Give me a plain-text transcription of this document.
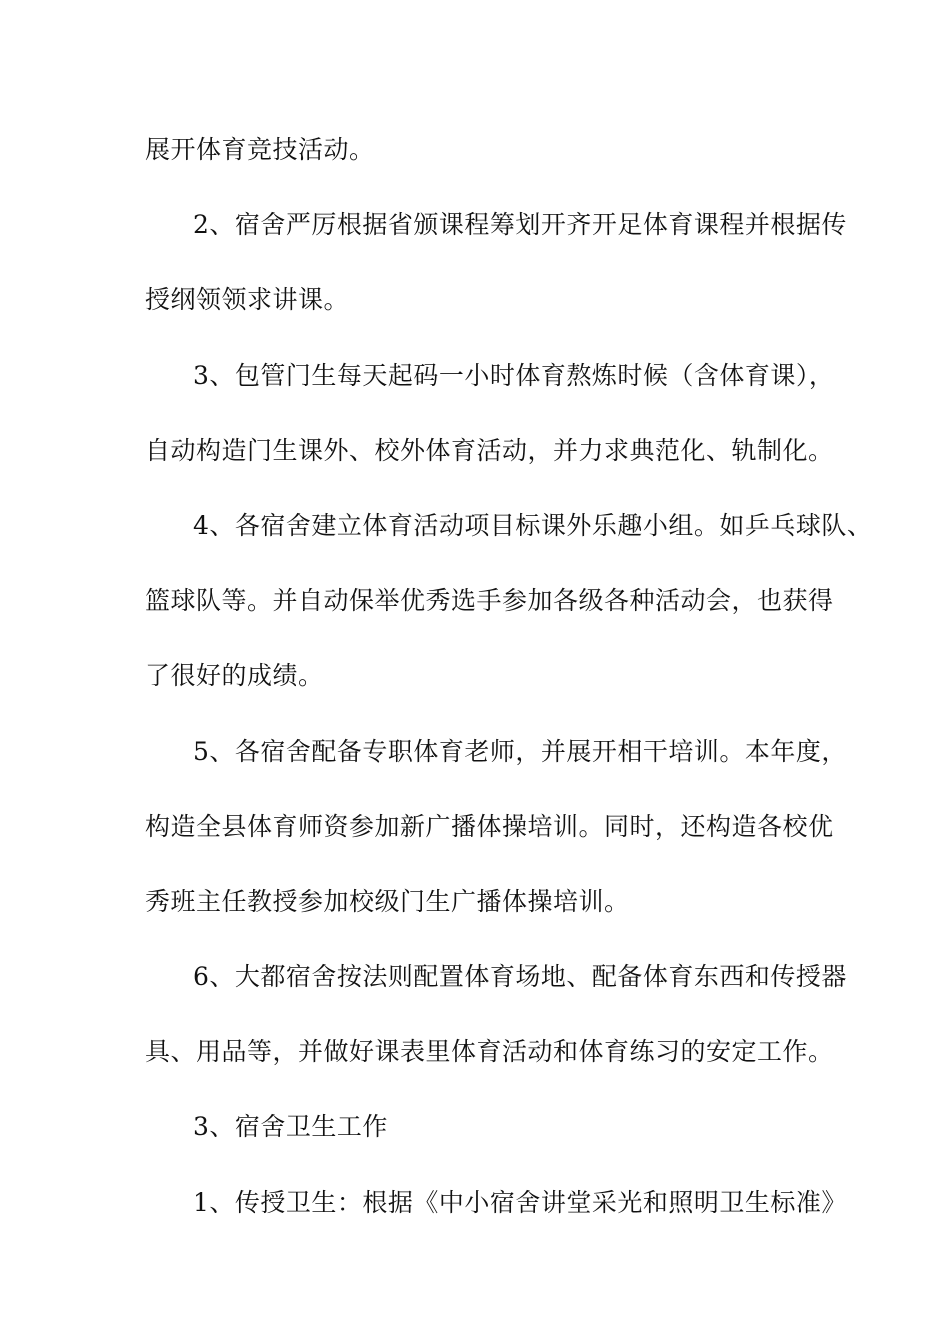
展开体育竞技活动。
2、宿舍严厉根据省颁课程筹划开齐开足体育课程并根据传
授纲领领求讲课。
3、包管门生每天起码一小时体育熬炼时候（含体育课），
自动构造门生课外、校外体育活动，并力求典范化、轨制化。
4、各宿舍建立体育活动项目标课外乐趣小组。如乒乓球队、
篮球队等。并自动保举优秀选手参加各级各种活动会，也获得
了很好的成绩。
5、各宿舍配备专职体育老师，并展开相干培训。本年度，
构造全县体育师资参加新广播体操培训。同时，还构造各校优
秀班主任教授参加校级门生广播体操培训。
6、大都宿舍按法则配置体育场地、配备体育东西和传授器
具、用品等，并做好课表里体育活动和体育练习的安定工作。
3、宿舍卫生工作
1、传授卫生：根据《中小宿舍讲堂采光和照明卫生标准》
